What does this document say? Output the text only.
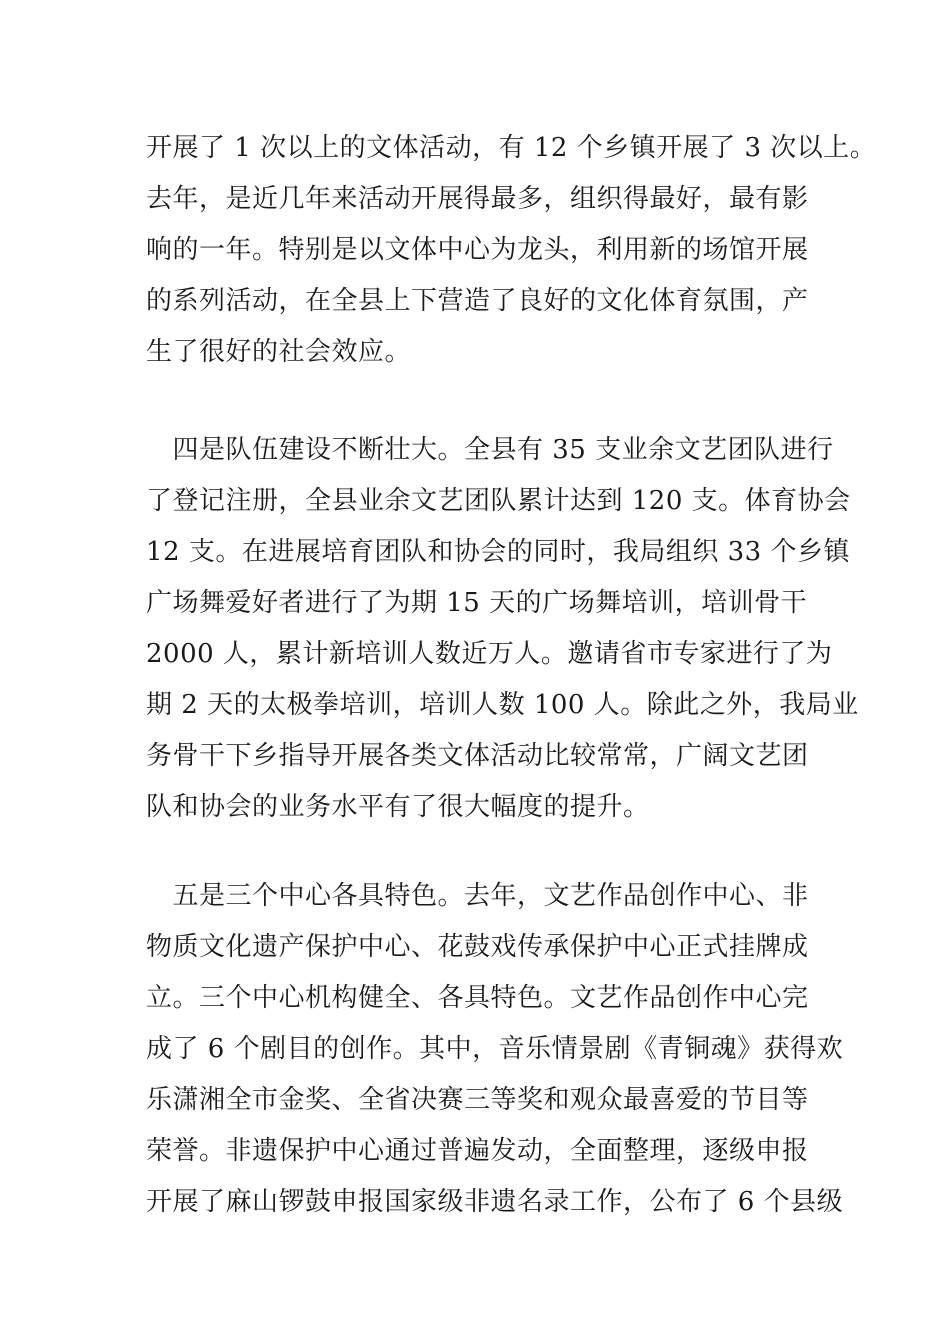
开展了 1 次以上的文体活动，有 12 个乡镇开展了 3 次以上。
去年，是近几年来活动开展得最多，组织得最好，最有影
响的一年。特别是以文体中心为龙头，利用新的场馆开展
的系列活动，在全县上下营造了良好的文化体育氛围，产
生了很好的社会效应。
　四是队伍建设不断壮大。全县有 35 支业余文艺团队进行
了登记注册，全县业余文艺团队累计达到 120 支。体育协会
12 支。在进展培育团队和协会的同时，我局组织 33 个乡镇
广场舞爱好者进行了为期 15 天的广场舞培训，培训骨干
2000 人，累计新培训人数近万人。邀请省市专家进行了为
期 2 天的太极拳培训，培训人数 100 人。除此之外，我局业
务骨干下乡指导开展各类文体活动比较常常，广阔文艺团
队和协会的业务水平有了很大幅度的提升。
　五是三个中心各具特色。去年，文艺作品创作中心、非
物质文化遗产保护中心、花鼓戏传承保护中心正式挂牌成
立。三个中心机构健全、各具特色。文艺作品创作中心完
成了 6 个剧目的创作。其中，音乐情景剧《青铜魂》获得欢
乐潇湘全市金奖、全省决赛三等奖和观众最喜爱的节目等
荣誉。非遗保护中心通过普遍发动，全面整理，逐级申报
开展了麻山锣鼓申报国家级非遗名录工作，公布了 6 个县级
